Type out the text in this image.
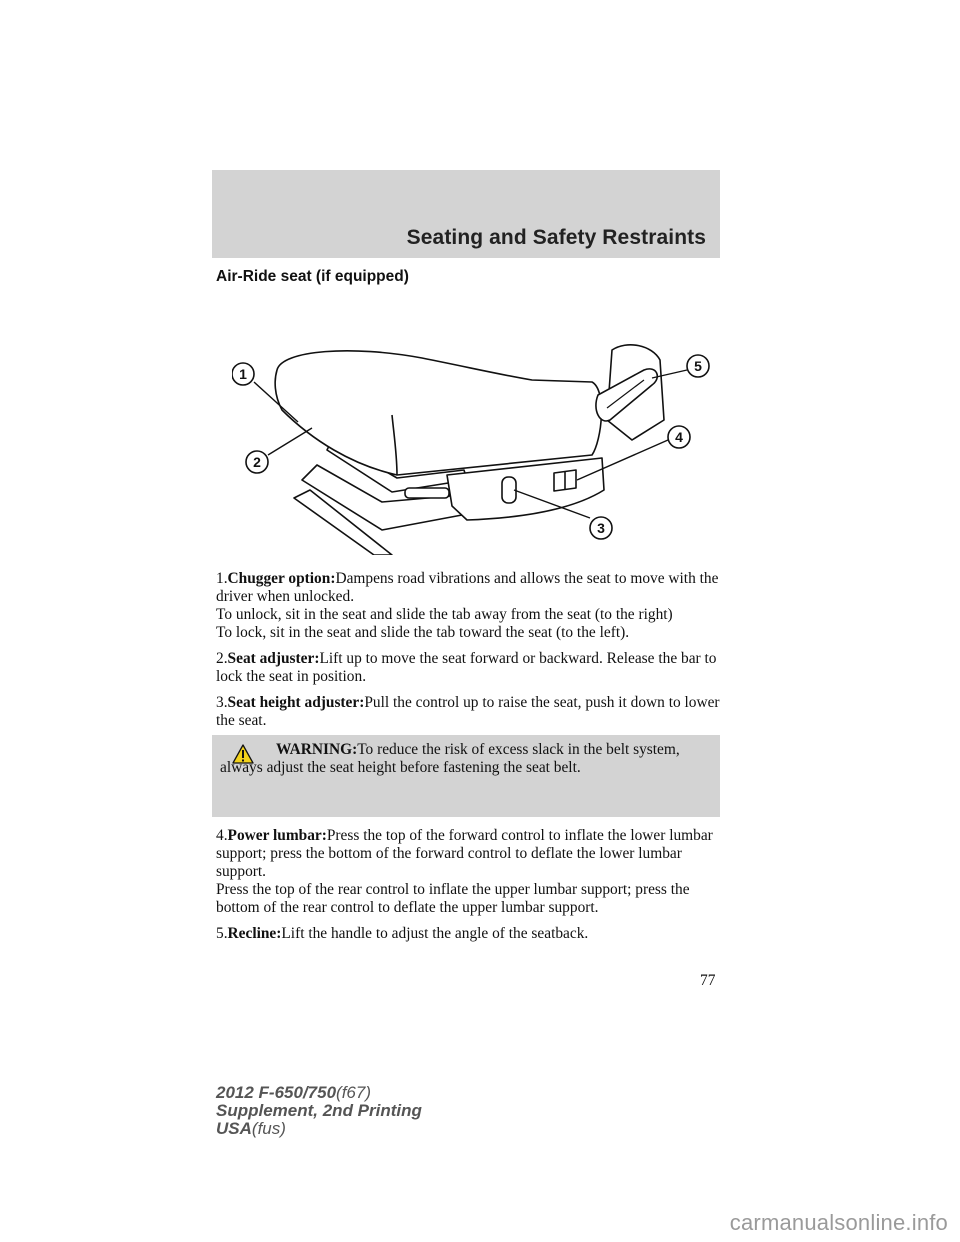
Seating and Safety Restraints
Air-Ride seat (if equipped)
1
2
3
4
5

1.Chugger option:Dampens road vibrations and allows the seat to move with the driver when unlocked.
To unlock, sit in the seat and slide the tab away from the seat (to the right)
To lock, sit in the seat and slide the tab toward the seat (to the left).

2.Seat adjuster:Lift up to move the seat forward or backward. Release the bar to lock the seat in position.

3.Seat height adjuster:Pull the control up to raise the seat, push it down to lower the seat.

WARNING:To reduce the risk of excess slack in the belt system, always adjust the seat height before fastening the seat belt.

4.Power lumbar:Press the top of the forward control to inflate the lower lumbar support; press the bottom of the forward control to deflate the lower lumbar support.
Press the top of the rear control to inflate the upper lumbar support; press the bottom of the rear control to deflate the upper lumbar support.

5.Recline:Lift the handle to adjust the angle of the seatback.

77
2012 F-650/750(f67)
Supplement, 2nd Printing
USA(fus)
carmanualsonline.info
